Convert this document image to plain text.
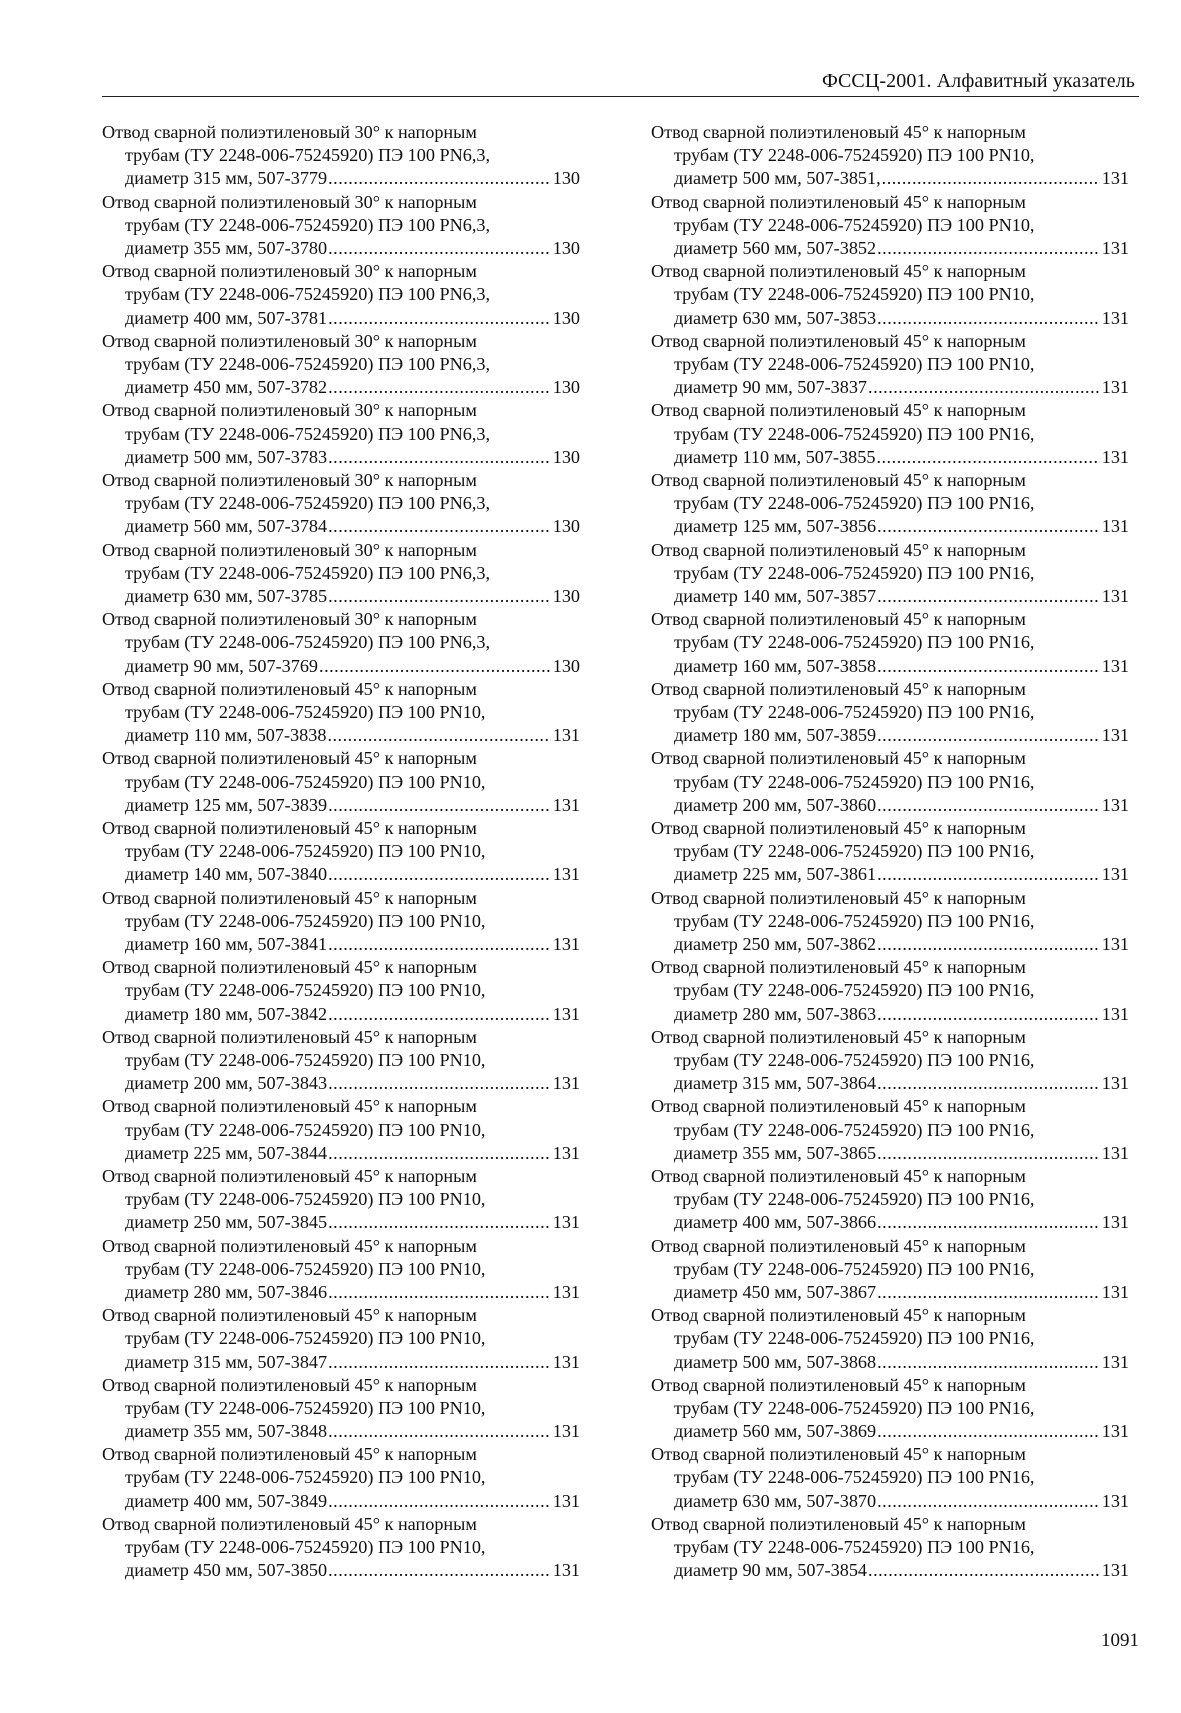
ФССЦ-2001. Алфавитный указатель
Отвод сварной полиэтиленовый 30° к напорным
трубам (ТУ 2248-006-75245920) ПЭ 100 PN6,3,
диаметр 315 мм, 507-3779 .....	130
Отвод сварной полиэтиленовый 30° к напорным
трубам (ТУ 2248-006-75245920) ПЭ 100 PN6,3,
диаметр 355 мм, 507-3780 .....	130
Отвод сварной полиэтиленовый 30° к напорным
трубам (ТУ 2248-006-75245920) ПЭ 100 PN6,3,
диаметр 400 мм, 507-3781 .....	130
Отвод сварной полиэтиленовый 30° к напорным
трубам (ТУ 2248-006-75245920) ПЭ 100 PN6,3,
диаметр 450 мм, 507-3782 .....	130
Отвод сварной полиэтиленовый 30° к напорным
трубам (ТУ 2248-006-75245920) ПЭ 100 PN6,3,
диаметр 500 мм, 507-3783 .....	130
Отвод сварной полиэтиленовый 30° к напорным
трубам (ТУ 2248-006-75245920) ПЭ 100 PN6,3,
диаметр 560 мм, 507-3784 .....	130
Отвод сварной полиэтиленовый 30° к напорным
трубам (ТУ 2248-006-75245920) ПЭ 100 PN6,3,
диаметр 630 мм, 507-3785 .....	130
Отвод сварной полиэтиленовый 30° к напорным
трубам (ТУ 2248-006-75245920) ПЭ 100 PN6,3,
диаметр 90 мм, 507-3769 .....	130
Отвод сварной полиэтиленовый 45° к напорным
трубам (ТУ 2248-006-75245920) ПЭ 100 PN10,
диаметр 110 мм, 507-3838 .....	131
Отвод сварной полиэтиленовый 45° к напорным
трубам (ТУ 2248-006-75245920) ПЭ 100 PN10,
диаметр 125 мм, 507-3839 .....	131
Отвод сварной полиэтиленовый 45° к напорным
трубам (ТУ 2248-006-75245920) ПЭ 100 PN10,
диаметр 140 мм, 507-3840 .....	131
Отвод сварной полиэтиленовый 45° к напорным
трубам (ТУ 2248-006-75245920) ПЭ 100 PN10,
диаметр 160 мм, 507-3841 .....	131
Отвод сварной полиэтиленовый 45° к напорным
трубам (ТУ 2248-006-75245920) ПЭ 100 PN10,
диаметр 180 мм, 507-3842 .....	131
Отвод сварной полиэтиленовый 45° к напорным
трубам (ТУ 2248-006-75245920) ПЭ 100 PN10,
диаметр 200 мм, 507-3843 .....	131
Отвод сварной полиэтиленовый 45° к напорным
трубам (ТУ 2248-006-75245920) ПЭ 100 PN10,
диаметр 225 мм, 507-3844 .....	131
Отвод сварной полиэтиленовый 45° к напорным
трубам (ТУ 2248-006-75245920) ПЭ 100 PN10,
диаметр 250 мм, 507-3845 .....	131
Отвод сварной полиэтиленовый 45° к напорным
трубам (ТУ 2248-006-75245920) ПЭ 100 PN10,
диаметр 280 мм, 507-3846 .....	131
Отвод сварной полиэтиленовый 45° к напорным
трубам (ТУ 2248-006-75245920) ПЭ 100 PN10,
диаметр 315 мм, 507-3847 .....	131
Отвод сварной полиэтиленовый 45° к напорным
трубам (ТУ 2248-006-75245920) ПЭ 100 PN10,
диаметр 355 мм, 507-3848 .....	131
Отвод сварной полиэтиленовый 45° к напорным
трубам (ТУ 2248-006-75245920) ПЭ 100 PN10,
диаметр 400 мм, 507-3849 .....	131
Отвод сварной полиэтиленовый 45° к напорным
трубам (ТУ 2248-006-75245920) ПЭ 100 PN10,
диаметр 450 мм, 507-3850 .....	131
Отвод сварной полиэтиленовый 45° к напорным
трубам (ТУ 2248-006-75245920) ПЭ 100 PN10,
диаметр 500 мм, 507-3851, .....	131
Отвод сварной полиэтиленовый 45° к напорным
трубам (ТУ 2248-006-75245920) ПЭ 100 PN10,
диаметр 560 мм, 507-3852 .....	131
Отвод сварной полиэтиленовый 45° к напорным
трубам (ТУ 2248-006-75245920) ПЭ 100 PN10,
диаметр 630 мм, 507-3853 .....	131
Отвод сварной полиэтиленовый 45° к напорным
трубам (ТУ 2248-006-75245920) ПЭ 100 PN10,
диаметр 90 мм, 507-3837 .....	131
Отвод сварной полиэтиленовый 45° к напорным
трубам (ТУ 2248-006-75245920) ПЭ 100 PN16,
диаметр 110 мм, 507-3855 .....	131
Отвод сварной полиэтиленовый 45° к напорным
трубам (ТУ 2248-006-75245920) ПЭ 100 PN16,
диаметр 125 мм, 507-3856 .....	131
Отвод сварной полиэтиленовый 45° к напорным
трубам (ТУ 2248-006-75245920) ПЭ 100 PN16,
диаметр 140 мм, 507-3857 .....	131
Отвод сварной полиэтиленовый 45° к напорным
трубам (ТУ 2248-006-75245920) ПЭ 100 PN16,
диаметр 160 мм, 507-3858 .....	131
Отвод сварной полиэтиленовый 45° к напорным
трубам (ТУ 2248-006-75245920) ПЭ 100 PN16,
диаметр 180 мм, 507-3859 .....	131
Отвод сварной полиэтиленовый 45° к напорным
трубам (ТУ 2248-006-75245920) ПЭ 100 PN16,
диаметр 200 мм, 507-3860 .....	131
Отвод сварной полиэтиленовый 45° к напорным
трубам (ТУ 2248-006-75245920) ПЭ 100 PN16,
диаметр 225 мм, 507-3861 .....	131
Отвод сварной полиэтиленовый 45° к напорным
трубам (ТУ 2248-006-75245920) ПЭ 100 PN16,
диаметр 250 мм, 507-3862 .....	131
Отвод сварной полиэтиленовый 45° к напорным
трубам (ТУ 2248-006-75245920) ПЭ 100 PN16,
диаметр 280 мм, 507-3863 .....	131
Отвод сварной полиэтиленовый 45° к напорным
трубам (ТУ 2248-006-75245920) ПЭ 100 PN16,
диаметр 315 мм, 507-3864 .....	131
Отвод сварной полиэтиленовый 45° к напорным
трубам (ТУ 2248-006-75245920) ПЭ 100 PN16,
диаметр 355 мм, 507-3865 .....	131
Отвод сварной полиэтиленовый 45° к напорным
трубам (ТУ 2248-006-75245920) ПЭ 100 PN16,
диаметр 400 мм, 507-3866 .....	131
Отвод сварной полиэтиленовый 45° к напорным
трубам (ТУ 2248-006-75245920) ПЭ 100 PN16,
диаметр 450 мм, 507-3867 .....	131
Отвод сварной полиэтиленовый 45° к напорным
трубам (ТУ 2248-006-75245920) ПЭ 100 PN16,
диаметр 500 мм, 507-3868 .....	131
Отвод сварной полиэтиленовый 45° к напорным
трубам (ТУ 2248-006-75245920) ПЭ 100 PN16,
диаметр 560 мм, 507-3869 .....	131
Отвод сварной полиэтиленовый 45° к напорным
трубам (ТУ 2248-006-75245920) ПЭ 100 PN16,
диаметр 630 мм, 507-3870 .....	131
Отвод сварной полиэтиленовый 45° к напорным
трубам (ТУ 2248-006-75245920) ПЭ 100 PN16,
диаметр 90 мм, 507-3854 .....	131
1091
